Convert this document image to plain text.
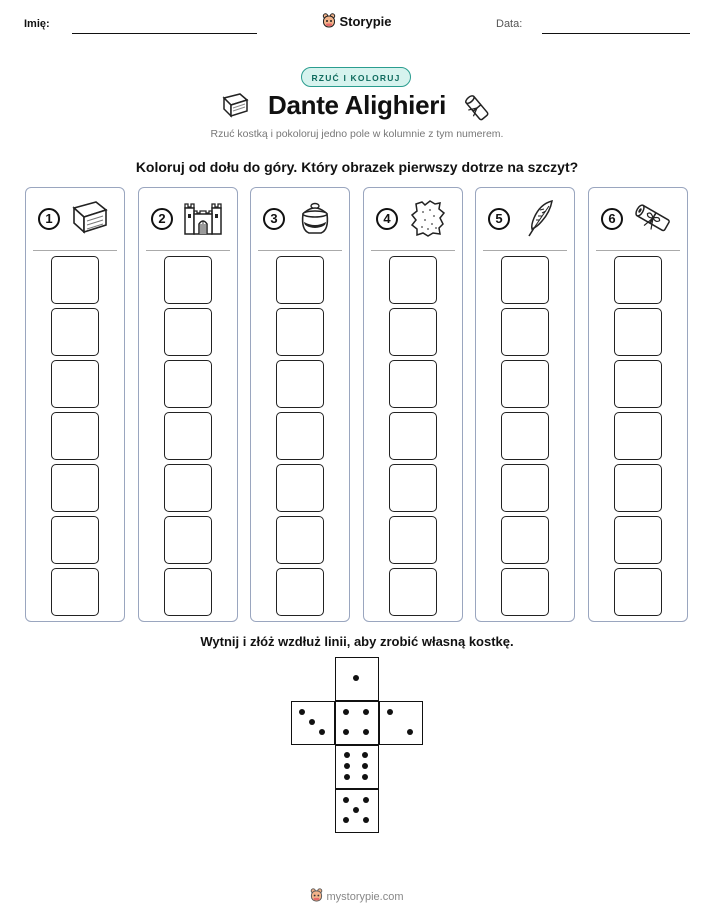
Imię:	Storypie	Data:
RZUĆ I KOLORUJ
Dante Alighieri
Rzuć kostką i pokoloruj jedno pole w kolumnie z tym numerem.
Koloruj od dołu do góry. Który obrazek pierwszy dotrze na szczyt?
1	2	3	4	5	6
Wytnij i złóż wzdłuż linii, aby zrobić własną kostkę.
mystorypie.com
